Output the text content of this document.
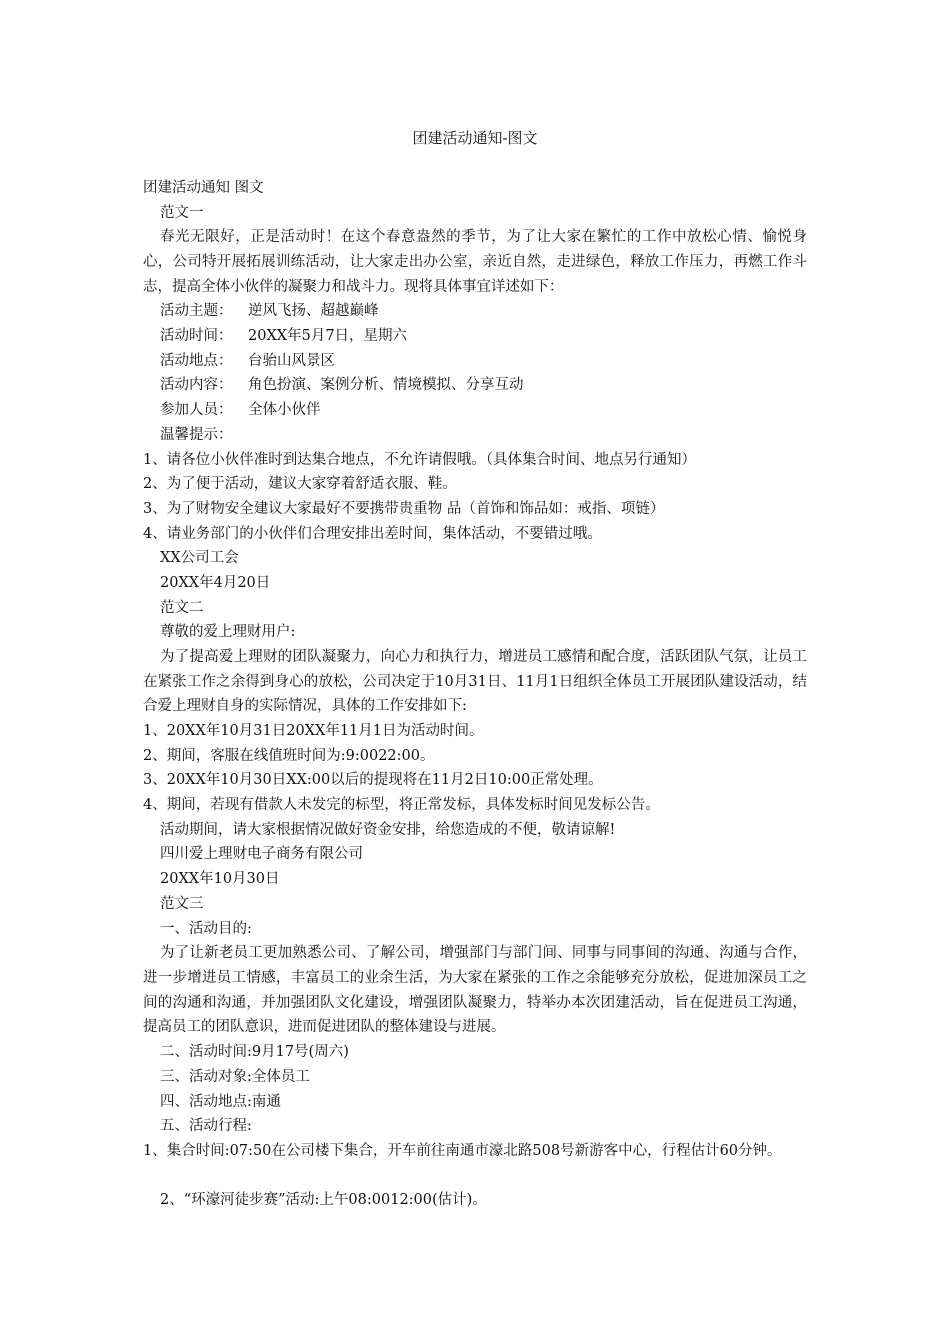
团建活动通知-图文
团建活动通知 图文
范文一
春光无限好，正是活动时！在这个春意盎然的季节，为了让大家在繁忙的工作中放松心情、愉悦身心，公司特开展拓展训练活动，让大家走出办公室，亲近自然，走进绿色，释放工作压力，再燃工作斗志，提高全体小伙伴的凝聚力和战斗力。现将具体事宜详述如下：
活动主题： 逆风飞扬、超越巅峰
活动时间： 20XX年5月7日，星期六
活动地点： 台骀山风景区
活动内容： 角色扮演、案例分析、情境模拟、分享互动
参加人员： 全体小伙伴
温馨提示：
1、请各位小伙伴准时到达集合地点，不允许请假哦。（具体集合时间、地点另行通知）
2、为了便于活动，建议大家穿着舒适衣服、鞋。
3、为了财物安全建议大家最好不要携带贵重物 品（首饰和饰品如：戒指、项链）
4、请业务部门的小伙伴们合理安排出差时间，集体活动，不要错过哦。
XX公司工会
20XX年4月20日
范文二
尊敬的爱上理财用户:
为了提高爱上理财的团队凝聚力，向心力和执行力，增进员工感情和配合度，活跃团队气氛，让员工在紧张工作之余得到身心的放松，公司决定于10月31日、11月1日组织全体员工开展团队建设活动，结合爱上理财自身的实际情况，具体的工作安排如下:
1、20XX年10月31日20XX年11月1日为活动时间。
2、期间，客服在线值班时间为:9:0022:00。
3、20XX年10月30日XX:00以后的提现将在11月2日10:00正常处理。
4、期间，若现有借款人未发完的标型，将正常发标，具体发标时间见发标公告。
活动期间，请大家根据情况做好资金安排，给您造成的不便，敬请谅解!
四川爱上理财电子商务有限公司
20XX年10月30日
范文三
一、活动目的:
为了让新老员工更加熟悉公司、了解公司，增强部门与部门间、同事与同事间的沟通、沟通与合作，进一步增进员工情感，丰富员工的业余生活，为大家在紧张的工作之余能够充分放松，促进加深员工之间的沟通和沟通，并加强团队文化建设，增强团队凝聚力，特举办本次团建活动，旨在促进员工沟通，提高员工的团队意识，进而促进团队的整体建设与进展。
二、活动时间:9月17号(周六)
三、活动对象:全体员工
四、活动地点:南通
五、活动行程:
1、集合时间:07:50在公司楼下集合，开车前往南通市濠北路508号新游客中心，行程估计60分钟。
2、“环濠河徒步赛”活动:上午08:0012:00(估计)。
